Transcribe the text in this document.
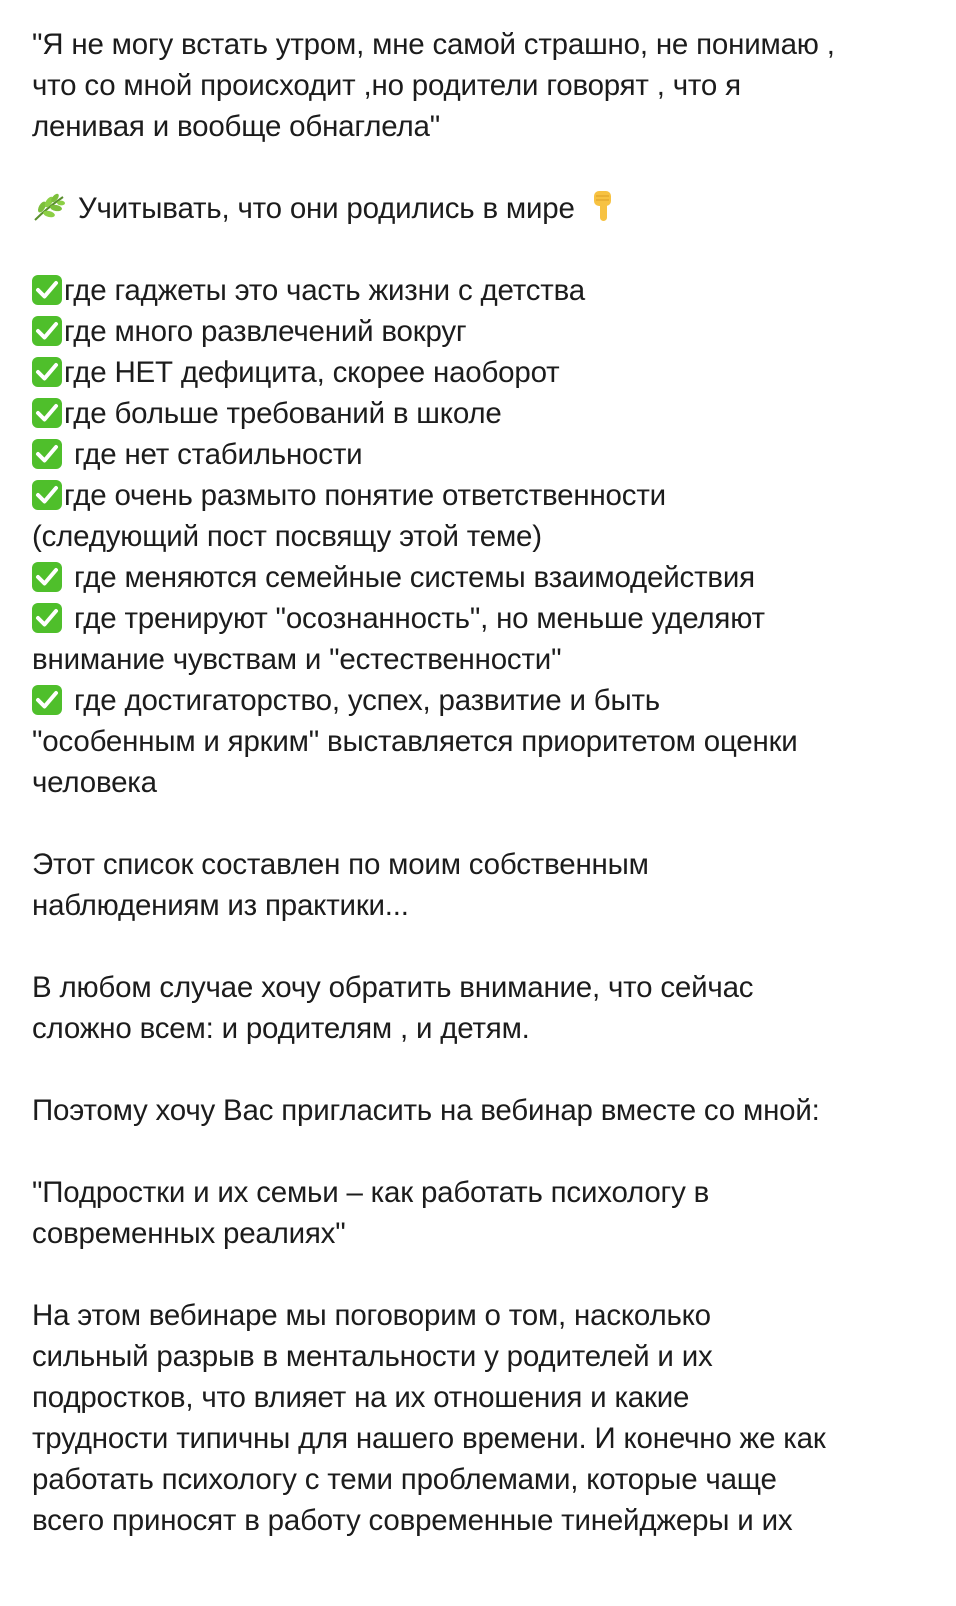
"Я не могу встать утром, мне самой страшно, не понимаю ,
что со мной происходит ,но родители говорят , что я
ленивая и вообще обнаглела"
Учитывать, что они родились в мире
где гаджеты это часть жизни с детства
где много развлечений вокруг
где НЕТ дефицита, скорее наоборот
где больше требований в школе
где нет стабильности
где очень размыто понятие ответственности
(следующий пост посвящу этой теме)
где меняются семейные системы взаимодействия
где тренируют "осознанность", но меньше уделяют
внимание чувствам и "естественности"
где достигаторство, успех, развитие и быть
"особенным и ярким" выставляется приоритетом оценки
человека
Этот список составлен по моим собственным
наблюдениям из практики...
В любом случае хочу обратить внимание, что сейчас
сложно всем: и родителям , и детям.
Поэтому хочу Вас пригласить на вебинар вместе со мной:
"Подростки и их семьи – как работать психологу в
современных реалиях"
На этом вебинаре мы поговорим о том, насколько
сильный разрыв в ментальности у родителей и их
подростков, что влияет на их отношения и какие
трудности типичны для нашего времени. И конечно же как
работать психологу с теми проблемами, которые чаще
всего приносят в работу современные тинейджеры и их
